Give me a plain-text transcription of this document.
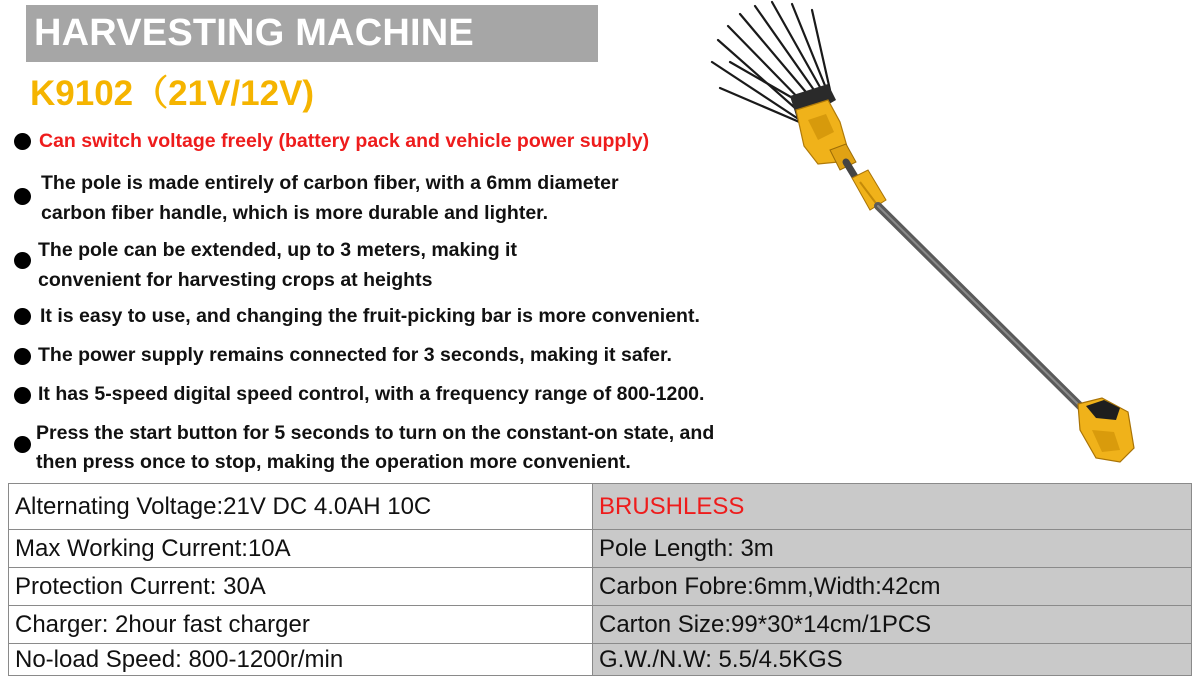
HARVESTING MACHINE
K9102（21V/12V)
Can switch voltage freely (battery pack and vehicle power supply)
The pole is made entirely of carbon fiber, with a 6mm diameter
carbon fiber handle, which is more durable and lighter.
The pole can be extended, up to 3 meters, making it
convenient for harvesting crops at heights
It is easy to use, and changing the fruit-picking bar is more convenient.
The power supply remains connected for 3 seconds, making it safer.
It has 5-speed digital speed control, with a frequency range of 800-1200.
Press the start button for 5 seconds to turn on the constant-on state, and
then press once to stop, making the operation more convenient.
Alternating Voltage:21V DC 4.0AH 10C	BRUSHLESS
Max Working Current:10A	Pole Length: 3m
Protection Current: 30A	Carbon Fobre:6mm,Width:42cm
Charger: 2hour fast charger	Carton Size:99*30*14cm/1PCS
No-load Speed: 800-1200r/min	G.W./N.W: 5.5/4.5KGS
